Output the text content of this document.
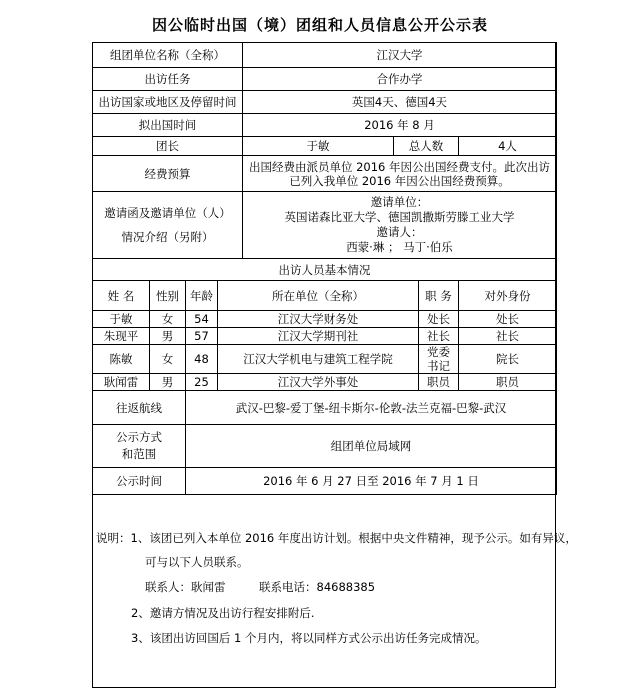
因公临时出国（境）团组和人员信息公开公示表
组团单位名称（全称）				江汉大学			
出访任务				合作办学			
出访国家或地区及停留时间				英国4天、德国4天			
拟出国时间				2016 年 8 月			
团长				于敏	总人数		4人
经费预算				出国经费由派员单位 2016 年因公出国经费支付。此次出访已列入我单位 2016 年因公出国经费预算。			
邀请函及邀请单位（人）情况介绍（另附）				邀请单位：
英国诺森比亚大学、德国凯撒斯劳滕工业大学
邀请人：
西蒙·琳 ； 马丁·伯乐			

出访人员基本情况							
姓 名	性别	年龄	所在单位（全称）			职 务	对外身份
于敏	女	54	江汉大学财务处			处长	处长
朱现平	男	57	江汉大学期刊社			社长	社长
陈敏	女	48	江汉大学机电与建筑工程学院			党委书记	院长
耿闻雷	男	25	江汉大学外事处			职员	职员
往返航线		武汉-巴黎-爱丁堡-纽卡斯尔-伦敦-法兰克福-巴黎-武汉					

公示方式
和范围		组团单位局域网					
公示时间		2016 年 6 月 27 日至 2016 年 7 月 1 日					
说明：1、该团已列入本单位 2016 年度出访计划。根据中央文件精神，现予公示。如有异议，
可与以下人员联系。
联系人：耿闻雷	联系电话：84688385
2、邀请方情况及出访行程安排附后.
3、该团出访回国后 1 个月内，将以同样方式公示出访任务完成情况。
